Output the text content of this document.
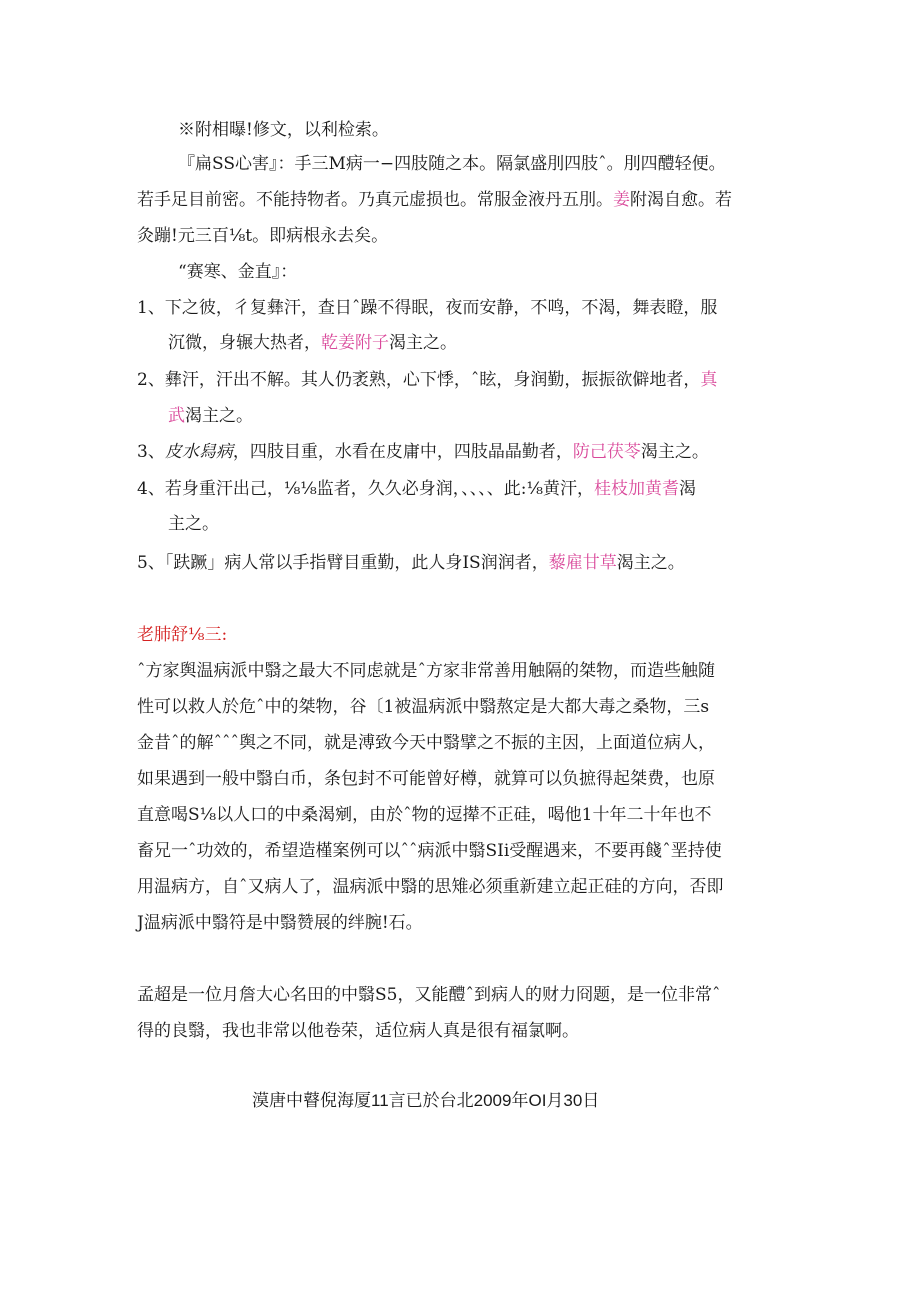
※附相曝!修文，以利检索。
『扁SS心害』：手三M病一−四肢随之本。隔氯盛刖四肢ˆ。刖四醴轻便。
若手足目前密。不能持物者。乃真元虚损也。常服金液丹五刖。姜附渴自愈。若
灸蹦!元三百⅛t。即病根永去矣。
“赛寒、金直』：
1、下之彼，彳复彝汗，查日ˆ躁不得眠，夜而安静，不鸣，不渴，舞表瞪，服
沉微，身辗大热者，乾姜附子渴主之。
2、彝汗，汗出不解。其人仍袤熟，心下悸，ˆ眩，身润勤，振振欲僻地者，真
武渴主之。
3、皮水舄病，四肢目重，水看在皮庸中，四肢晶晶勤者，防己茯苓渴主之。
4、若身重汗出己，⅛⅛监者，久久必身润，、、、、此:⅛黄汗，桂枝加黄耆渴
主之。
5、「趺蹶」病人常以手指臂目重勤，此人身IS润润者，藜雇甘草渴主之。
老肺舒⅛三:
ˆ方家舆温病派中翳之最大不同虑就是ˆ方家非常善用触隔的桀物，而造些触随
性可以救人於危ˆ中的桀物，谷〔1被温病派中翳熬定是大都大毒之桑物，三s
金昔ˆ的解ˆˆˆ舆之不同，就是溥致今天中翳擘之不振的主因，上面道位病人，
如果遇到一般中翳白币，条包封不可能曾好樽，就算可以负摭得起桀费，也原
直意喝S⅛以人口的中桑渴剜，由於ˆ物的逗撵不正硅，喝他1十年二十年也不
畜兄一ˆ功效的，希望造槿案例可以ˆˆ病派中翳SIi受醒遇来，不要再餞ˆ垩持使
用温病方，自ˆ又病人了，温病派中翳的思雉必须重新建立起正硅的方向，否即
J温病派中翳符是中翳赞展的绊腕!石。
孟超是一位月詹大心名田的中翳S5，又能醴ˆ到病人的财力冏题，是一位非常ˆ
得的良翳，我也非常以他卷荣，适位病人真是很有福氯啊。
漠唐中瞽倪海厦11言已於台北2009年OI月30日
